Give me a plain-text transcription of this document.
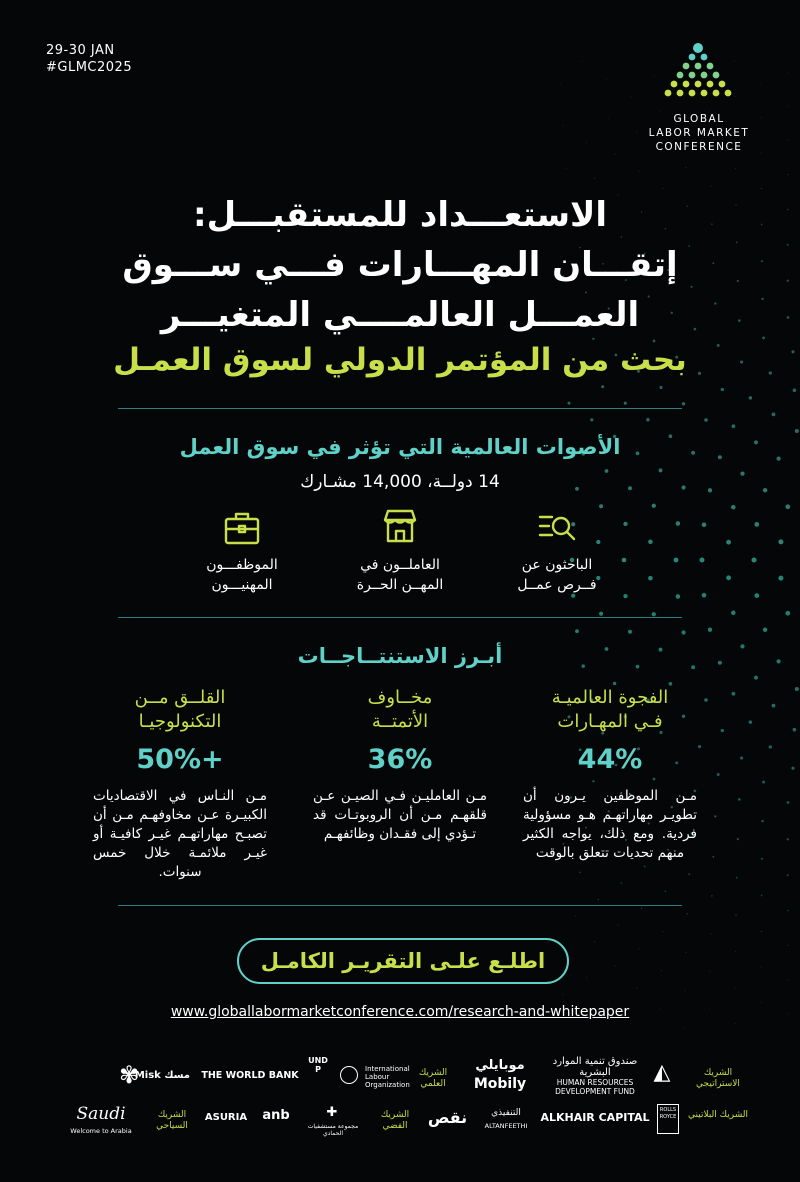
29-30 JAN
#GLMC2025
GLOBAL
LABOR MARKET
CONFERENCE
الاستعـــداد للمستقبـــل:
إتقـــان المهـــارات فـــي ســـوق
العمـــل العالمــــي المتغيـــر
بحث من المؤتمر الدولي لسوق العمـل
الأصوات العالمية التي تؤثر في سوق العمل
14 دولــة، 14,000 مشـارك
الباحثون عن
فــرص عمــل
العاملــون في
المهــن الحــرة
الموظفـــون
المهنيـــون
أبـرز الاستنتــاجــات
الفجوة العالميـة
فـي المهـارات
44%
مـن الموظفين يـرون أن تطويـر مهاراتهـم هـو مسؤولية فردية. ومع ذلك، يواجه الكثير منهم تحديات تتعلق بالوقت
مخــاوف
الأتمتــة
36%
مـن العامليـن فـي الصيـن عـن قلقهـم مـن أن الروبوتـات قد تـؤدي إلى فقـدان وظائفهـم
القلــق مــن
التكنولوجيـا
50%+
مـن النـاس في الاقتصاديات الكبيـرة عـن مخاوفهـم مـن أن تصبـح مهاراتهـم غيـر كافيـة أو غيـر ملائمـة خلال خمس سنوات.
اطلـع علـى التقريـر الكامـل
www.globallabormarketconference.com/research-and-whitepaper
الشريك الاستراتيجي
صندوق تنمية الموارد البشرية
HUMAN RESOURCES DEVELOPMENT FUND
◭
موبايلي
Mobily
الشريك العلمي
International Labour Organization
UNDP
THE WORLD BANK
Misk مسك
✾
الشريك البلاتيني
ROLLS ROYCE
ALKHAIR CAPITAL
التنفيذي
ALTANFEETHI
نقص
الشريك الفضي
مجموعة مستشفيات الحمادي
✚
anb
ASURIA
الشريك السياحي
Saudi
Welcome to Arabia
